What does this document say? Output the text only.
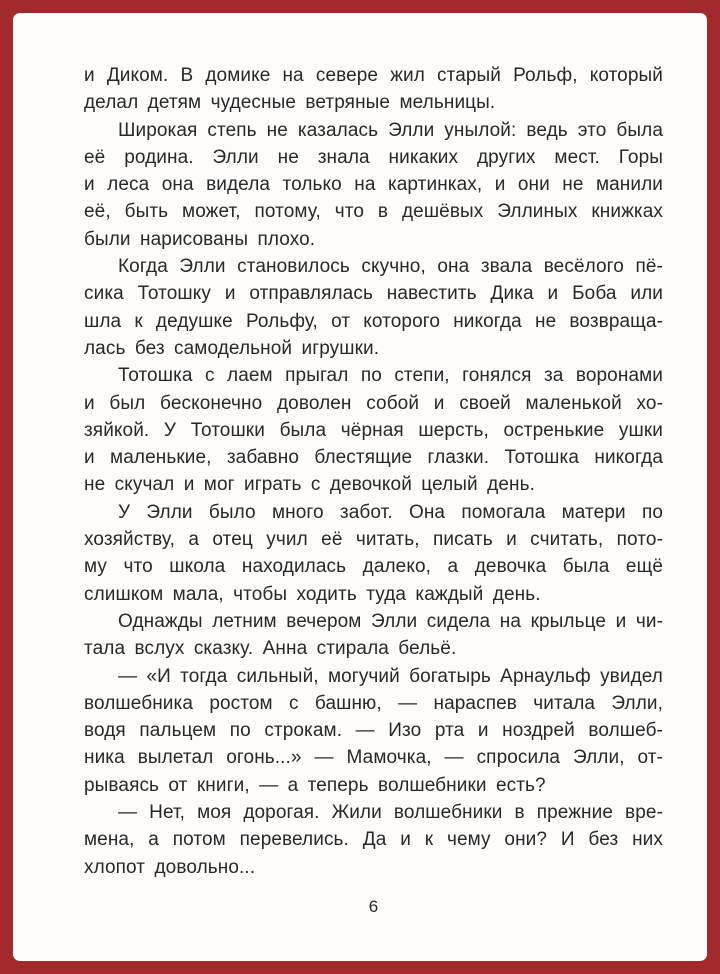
и Диком. В домике на севере жил старый Рольф, который
делал детям чудесные ветряные мельницы.
Широкая степь не казалась Элли унылой: ведь это была
её родина. Элли не знала никаких других мест. Горы
и леса она видела только на картинках, и они не манили
её, быть может, потому, что в дешёвых Эллиных книжках
были нарисованы плохо.
Когда Элли становилось скучно, она звала весёлого пё-
сика Тотошку и отправлялась навестить Дика и Боба или
шла к дедушке Рольфу, от которого никогда не возвраща-
лась без самодельной игрушки.
Тотошка с лаем прыгал по степи, гонялся за воронами
и был бесконечно доволен собой и своей маленькой хо-
зяйкой. У Тотошки была чёрная шерсть, остренькие ушки
и маленькие, забавно блестящие глазки. Тотошка никогда
не скучал и мог играть с девочкой целый день.
У Элли было много забот. Она помогала матери по
хозяйству, а отец учил её читать, писать и считать, пото-
му что школа находилась далеко, а девочка была ещё
слишком мала, чтобы ходить туда каждый день.
Однажды летним вечером Элли сидела на крыльце и чи-
тала вслух сказку. Анна стирала бельё.
— «И тогда сильный, могучий богатырь Арнаульф увидел
волшебника ростом с башню, — нараспев читала Элли,
водя пальцем по строкам. — Изо рта и ноздрей волшеб-
ника вылетал огонь...» — Мамочка, — спросила Элли, от-
рываясь от книги, — а теперь волшебники есть?
— Нет, моя дорогая. Жили волшебники в прежние вре-
мена, а потом перевелись. Да и к чему они? И без них
хлопот довольно...
6
